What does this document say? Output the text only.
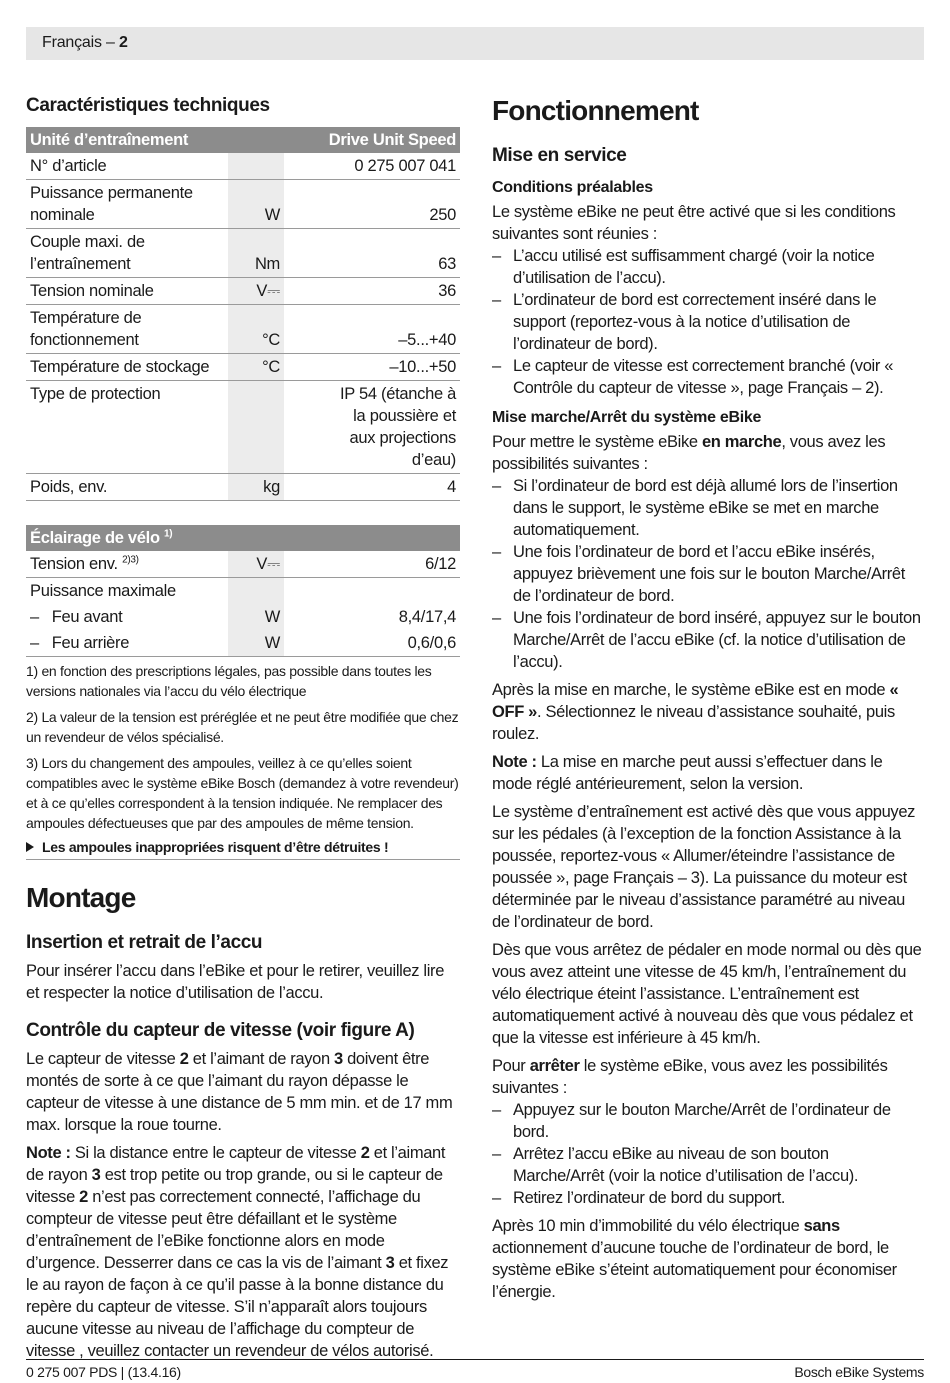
Français – 2
Caractéristiques techniques
Unité d’entraînement		Drive Unit Speed
N° d’article		0 275 007 041
Puissance permanente nominale	W	250
Couple maxi. de l’entraînement	Nm	63
Tension nominale	V⎓	36
Température de fonctionnement	°C	–5...+40
Température de stockage	°C	–10...+50
Type de protection		IP 54 (étanche à la poussière et aux projections d’eau)
Poids, env.	kg	4
Éclairage de vélo $^{1)}$		
Tension env. $^{2)3)}$	V⎓	6/12
Puissance maximale		
–   Feu avant	W	8,4/17,4
–   Feu arrière	W	0,6/0,6

1) en fonction des prescriptions légales, pas possible dans toutes les versions nationales via l’accu du vélo électrique

2) La valeur de la tension est préréglée et ne peut être modifiée que chez un revendeur de vélos spécialisé.

3) Lors du changement des ampoules, veillez à ce qu’elles soient compatibles avec le système eBike Bosch (demandez à votre revendeur) et à ce qu’elles correspondent à la tension indiquée. Ne remplacer des ampoules défectueuses que par des ampoules de même tension.

Les ampoules inappropriées risquent d’être détruites !
Montage
Insertion et retrait de l’accu

Pour insérer l’accu dans l’eBike et pour le retirer, veuillez lire et respecter la notice d’utilisation de l’accu.

Contrôle du capteur de vitesse (voir figure A)

Le capteur de vitesse 2 et l’aimant de rayon 3 doivent être montés de sorte à ce que l’aimant du rayon dépasse le capteur de vitesse à une distance de 5 mm min. et de 17 mm max. lorsque la roue tourne.

Note : Si la distance entre le capteur de vitesse 2 et l’aimant de rayon 3 est trop petite ou trop grande, ou si le capteur de vitesse 2 n’est pas correctement connecté, l’affichage du compteur de vitesse peut être défaillant et le système d’entraînement de l’eBike fonctionne alors en mode d’urgence. Desserrer dans ce cas la vis de l’aimant 3 et fixez le au rayon de façon à ce qu’il passe à la bonne distance du repère du capteur de vitesse. S’il n’apparaît alors toujours aucune vitesse au niveau de l’affichage du compteur de vitesse , veuillez contacter un revendeur de vélos autorisé.

Fonctionnement
Mise en service
Conditions préalables

Le système eBike ne peut être activé que si les conditions suivantes sont réunies :

– L’accu utilisé est suffisamment chargé (voir la notice d’utilisation de l’accu).
– L’ordinateur de bord est correctement inséré dans le support (reportez-vous à la notice d’utilisation de l’ordinateur de bord).
– Le capteur de vitesse est correctement branché (voir « Contrôle du capteur de vitesse », page Français – 2).
Mise marche/Arrêt du système eBike

Pour mettre le système eBike en marche, vous avez les possibilités suivantes :

– Si l’ordinateur de bord est déjà allumé lors de l’insertion dans le support, le système eBike se met en marche automatiquement.
– Une fois l’ordinateur de bord et l’accu eBike insérés, appuyez brièvement une fois sur le bouton Marche/Arrêt de l’ordinateur de bord.
– Une fois l’ordinateur de bord inséré, appuyez sur le bouton Marche/Arrêt de l’accu eBike (cf. la notice d’utilisation de l’accu).

Après la mise en marche, le système eBike est en mode « OFF ». Sélectionnez le niveau d’assistance souhaité, puis roulez.

Note : La mise en marche peut aussi s’effectuer dans le mode réglé antérieurement, selon la version.

Le système d’entraînement est activé dès que vous appuyez sur les pédales (à l’exception de la fonction Assistance à la poussée, reportez-vous « Allumer/éteindre l’assistance de poussée », page Français – 3). La puissance du moteur est déterminée par le niveau d’assistance paramétré au niveau de l’ordinateur de bord.

Dès que vous arrêtez de pédaler en mode normal ou dès que vous avez atteint une vitesse de 45 km/h, l’entraînement du vélo électrique éteint l’assistance. L’entraînement est automatiquement activé à nouveau dès que vous pédalez et que la vitesse est inférieure à 45 km/h.

Pour arrêter le système eBike, vous avez les possibilités suivantes :

– Appuyez sur le bouton Marche/Arrêt de l’ordinateur de bord.
– Arrêtez l’accu eBike au niveau de son bouton Marche/Arrêt (voir la notice d’utilisation de l’accu).
– Retirez l’ordinateur de bord du support.

Après 10 min d’immobilité du vélo électrique sans actionnement d’aucune touche de l’ordinateur de bord, le système eBike s’éteint automatiquement pour économiser l’énergie.

0 275 007 PDS | (13.4.16)	Bosch eBike Systems
